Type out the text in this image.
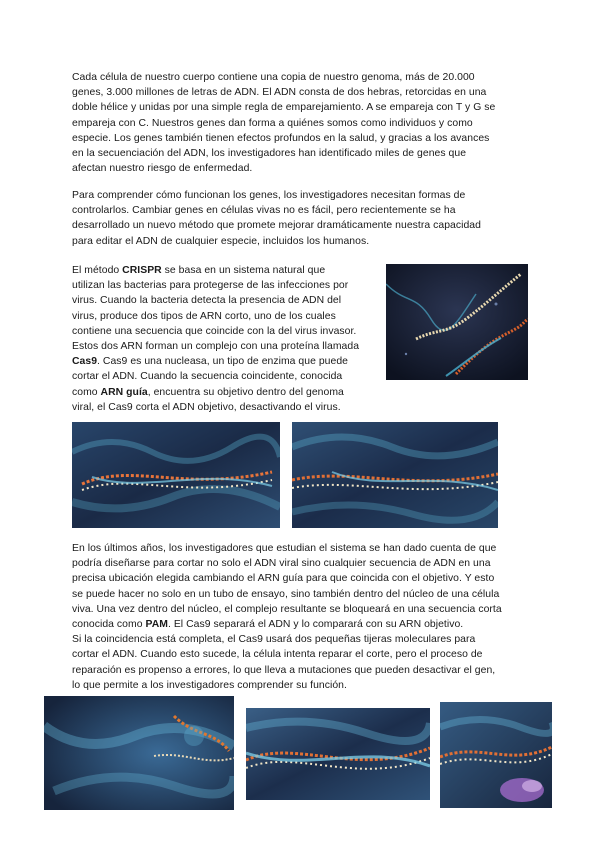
Cada célula de nuestro cuerpo contiene una copia de nuestro genoma, más de 20.000
genes, 3.000 millones de letras de ADN. El ADN consta de dos hebras, retorcidas en una
doble hélice y unidas por una simple regla de emparejamiento. A se empareja con T y G se
empareja con C. Nuestros genes dan forma a quiénes somos como individuos y como
especie. Los genes también tienen efectos profundos en la salud, y gracias a los avances
en la secuenciación del ADN, los investigadores han identificado miles de genes que
afectan nuestro riesgo de enfermedad.
Para comprender cómo funcionan los genes, los investigadores necesitan formas de
controlarlos. Cambiar genes en células vivas no es fácil, pero recientemente se ha
desarrollado un nuevo método que promete mejorar dramáticamente nuestra capacidad
para editar el ADN de cualquier especie, incluidos los humanos.
El método CRISPR se basa en un sistema natural que
utilizan las bacterias para protegerse de las infecciones por
virus. Cuando la bacteria detecta la presencia de ADN del
virus, produce dos tipos de ARN corto, uno de los cuales
contiene una secuencia que coincide con la del virus invasor.
Estos dos ARN forman un complejo con una proteína llamada
Cas9. Cas9 es una nucleasa, un tipo de enzima que puede
cortar el ADN. Cuando la secuencia coincidente, conocida
como ARN guía, encuentra su objetivo dentro del genoma
viral, el Cas9 corta el ADN objetivo, desactivando el virus.
En los últimos años, los investigadores que estudian el sistema se han dado cuenta de que
podría diseñarse para cortar no solo el ADN viral sino cualquier secuencia de ADN en una
precisa ubicación elegida cambiando el ARN guía para que coincida con el objetivo. Y esto
se puede hacer no solo en un tubo de ensayo, sino también dentro del núcleo de una célula
viva. Una vez dentro del núcleo, el complejo resultante se bloqueará en una secuencia corta
conocida como PAM. El Cas9 separará el ADN y lo comparará con su ARN objetivo.
Si la coincidencia está completa, el Cas9 usará dos pequeñas tijeras moleculares para
cortar el ADN. Cuando esto sucede, la célula intenta reparar el corte, pero el proceso de
reparación es propenso a errores, lo que lleva a mutaciones que pueden desactivar el gen,
lo que permite a los investigadores comprender su función.
